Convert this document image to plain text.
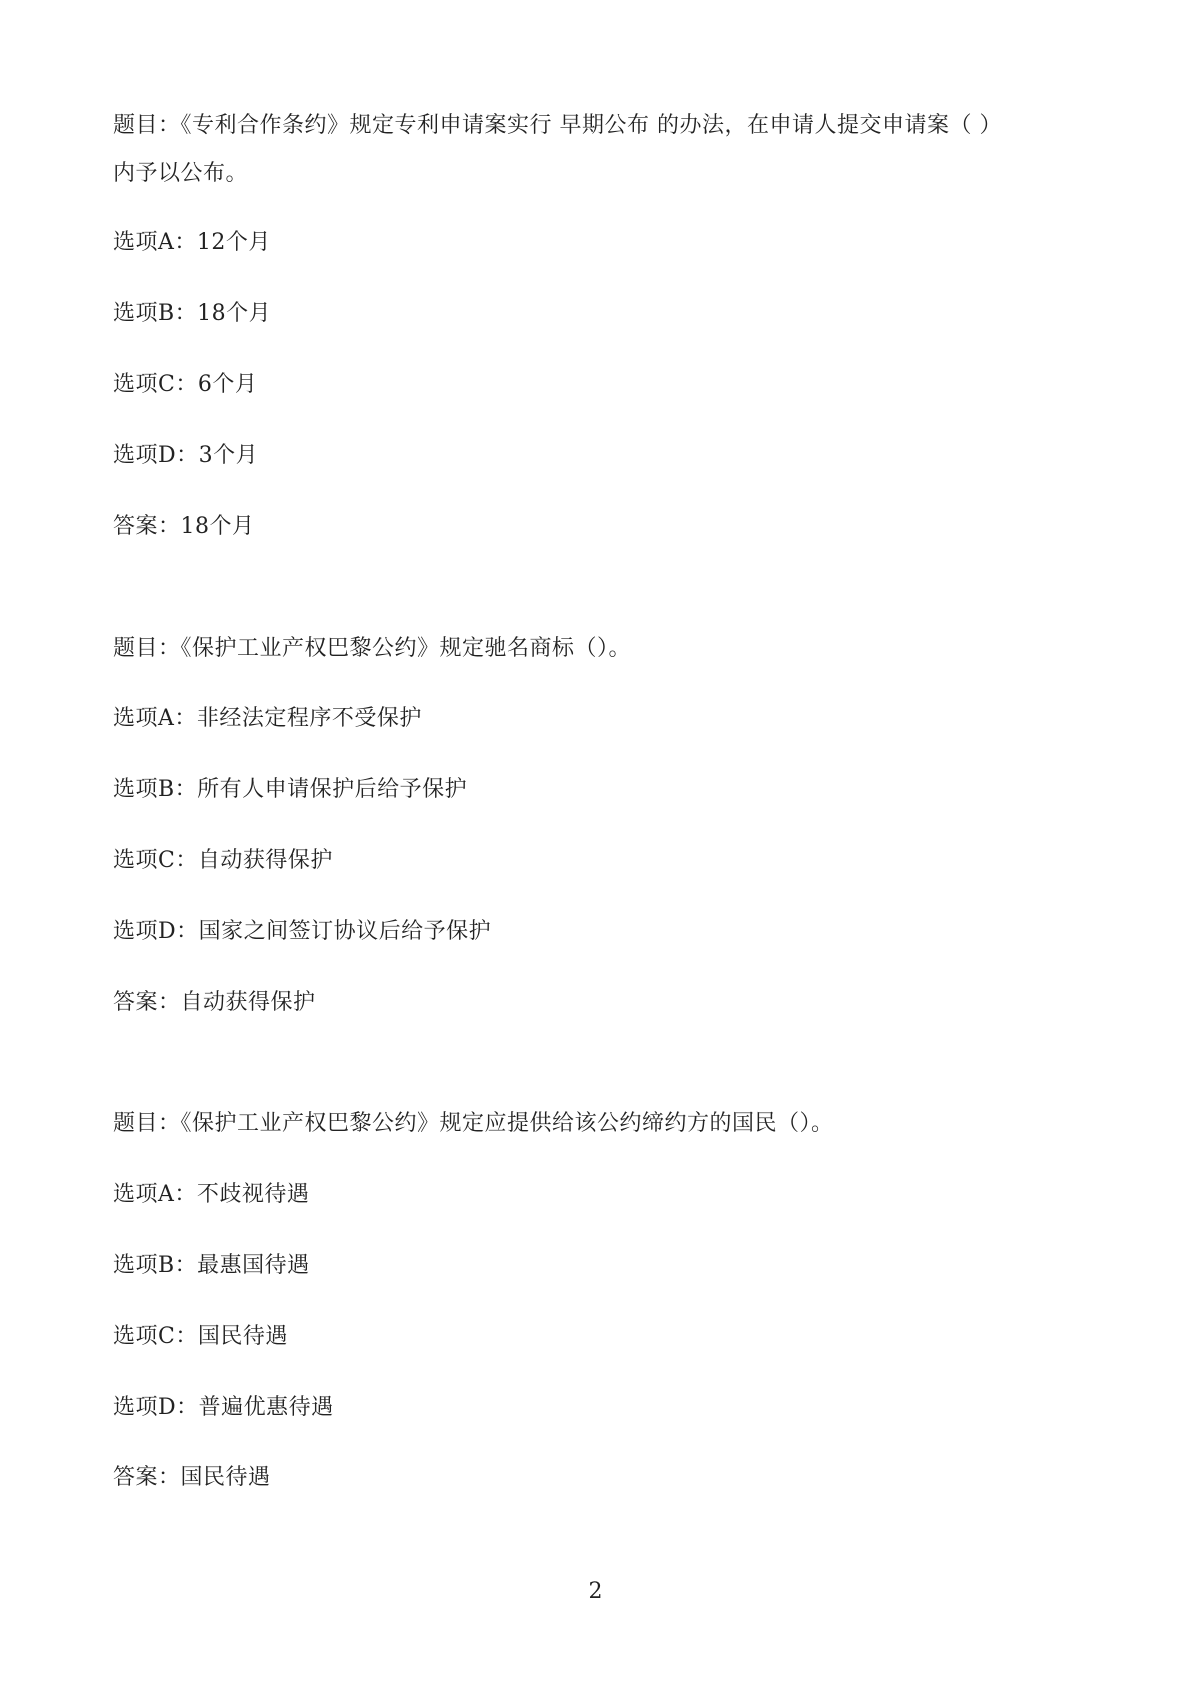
题目：《专利合作条约》规定专利申请案实行 早期公布 的办法，在申请人提交申请案（ ）
内予以公布。
选项A：12个月
选项B：18个月
选项C：6个月
选项D：3个月
答案：18个月
题目：《保护工业产权巴黎公约》规定驰名商标（）。
选项A：非经法定程序不受保护
选项B：所有人申请保护后给予保护
选项C：自动获得保护
选项D：国家之间签订协议后给予保护
答案：自动获得保护
题目：《保护工业产权巴黎公约》规定应提供给该公约缔约方的国民（）。
选项A：不歧视待遇
选项B：最惠国待遇
选项C：国民待遇
选项D：普遍优惠待遇
答案：国民待遇
2
